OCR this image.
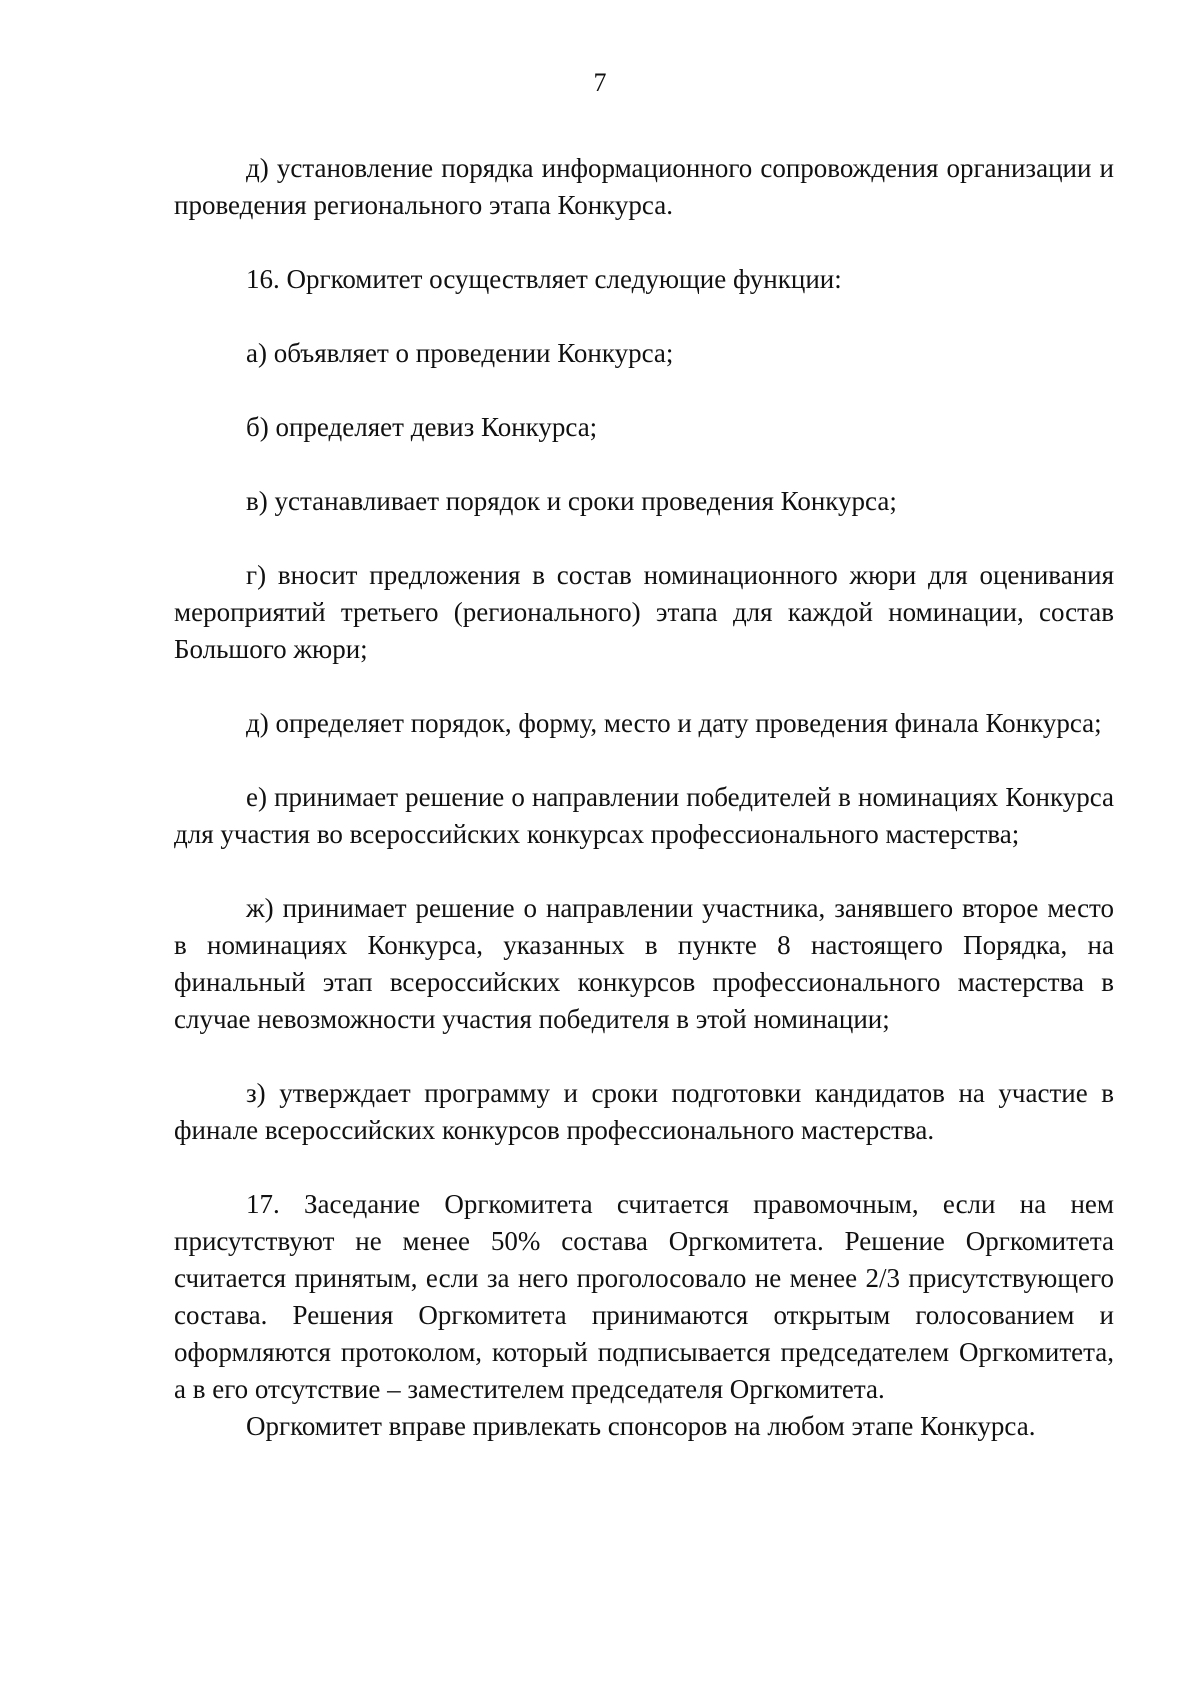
7

д) установление порядка информационного сопровождения организации и проведения регионального этапа Конкурса.

16. Оргкомитет осуществляет следующие функции:

а) объявляет о проведении Конкурса;

б) определяет девиз Конкурса;

в) устанавливает порядок и сроки проведения Конкурса;

г) вносит предложения в состав номинационного жюри для оценивания мероприятий третьего (регионального) этапа для каждой номинации, состав Большого жюри;

д) определяет порядок, форму, место и дату проведения финала Конкурса;

е) принимает решение о направлении победителей в номинациях Конкурса для участия во всероссийских конкурсах профессионального мастерства;

ж) принимает решение о направлении участника, занявшего второе место в номинациях Конкурса, указанных в пункте 8 настоящего Порядка, на финальный этап всероссийских конкурсов профессионального мастерства в случае невозможности участия победителя в этой номинации;

з) утверждает программу и сроки подготовки кандидатов на участие в финале всероссийских конкурсов профессионального мастерства.

17. Заседание Оргкомитета считается правомочным, если на нем присутствуют не менее 50% состава Оргкомитета. Решение Оргкомитета считается принятым, если за него проголосовало не менее 2/3 присутствующего состава. Решения Оргкомитета принимаются открытым голосованием и оформляются протоколом, который подписывается председателем Оргкомитета, а в его отсутствие – заместителем председателя Оргкомитета.

Оргкомитет вправе привлекать спонсоров на любом этапе Конкурса.
